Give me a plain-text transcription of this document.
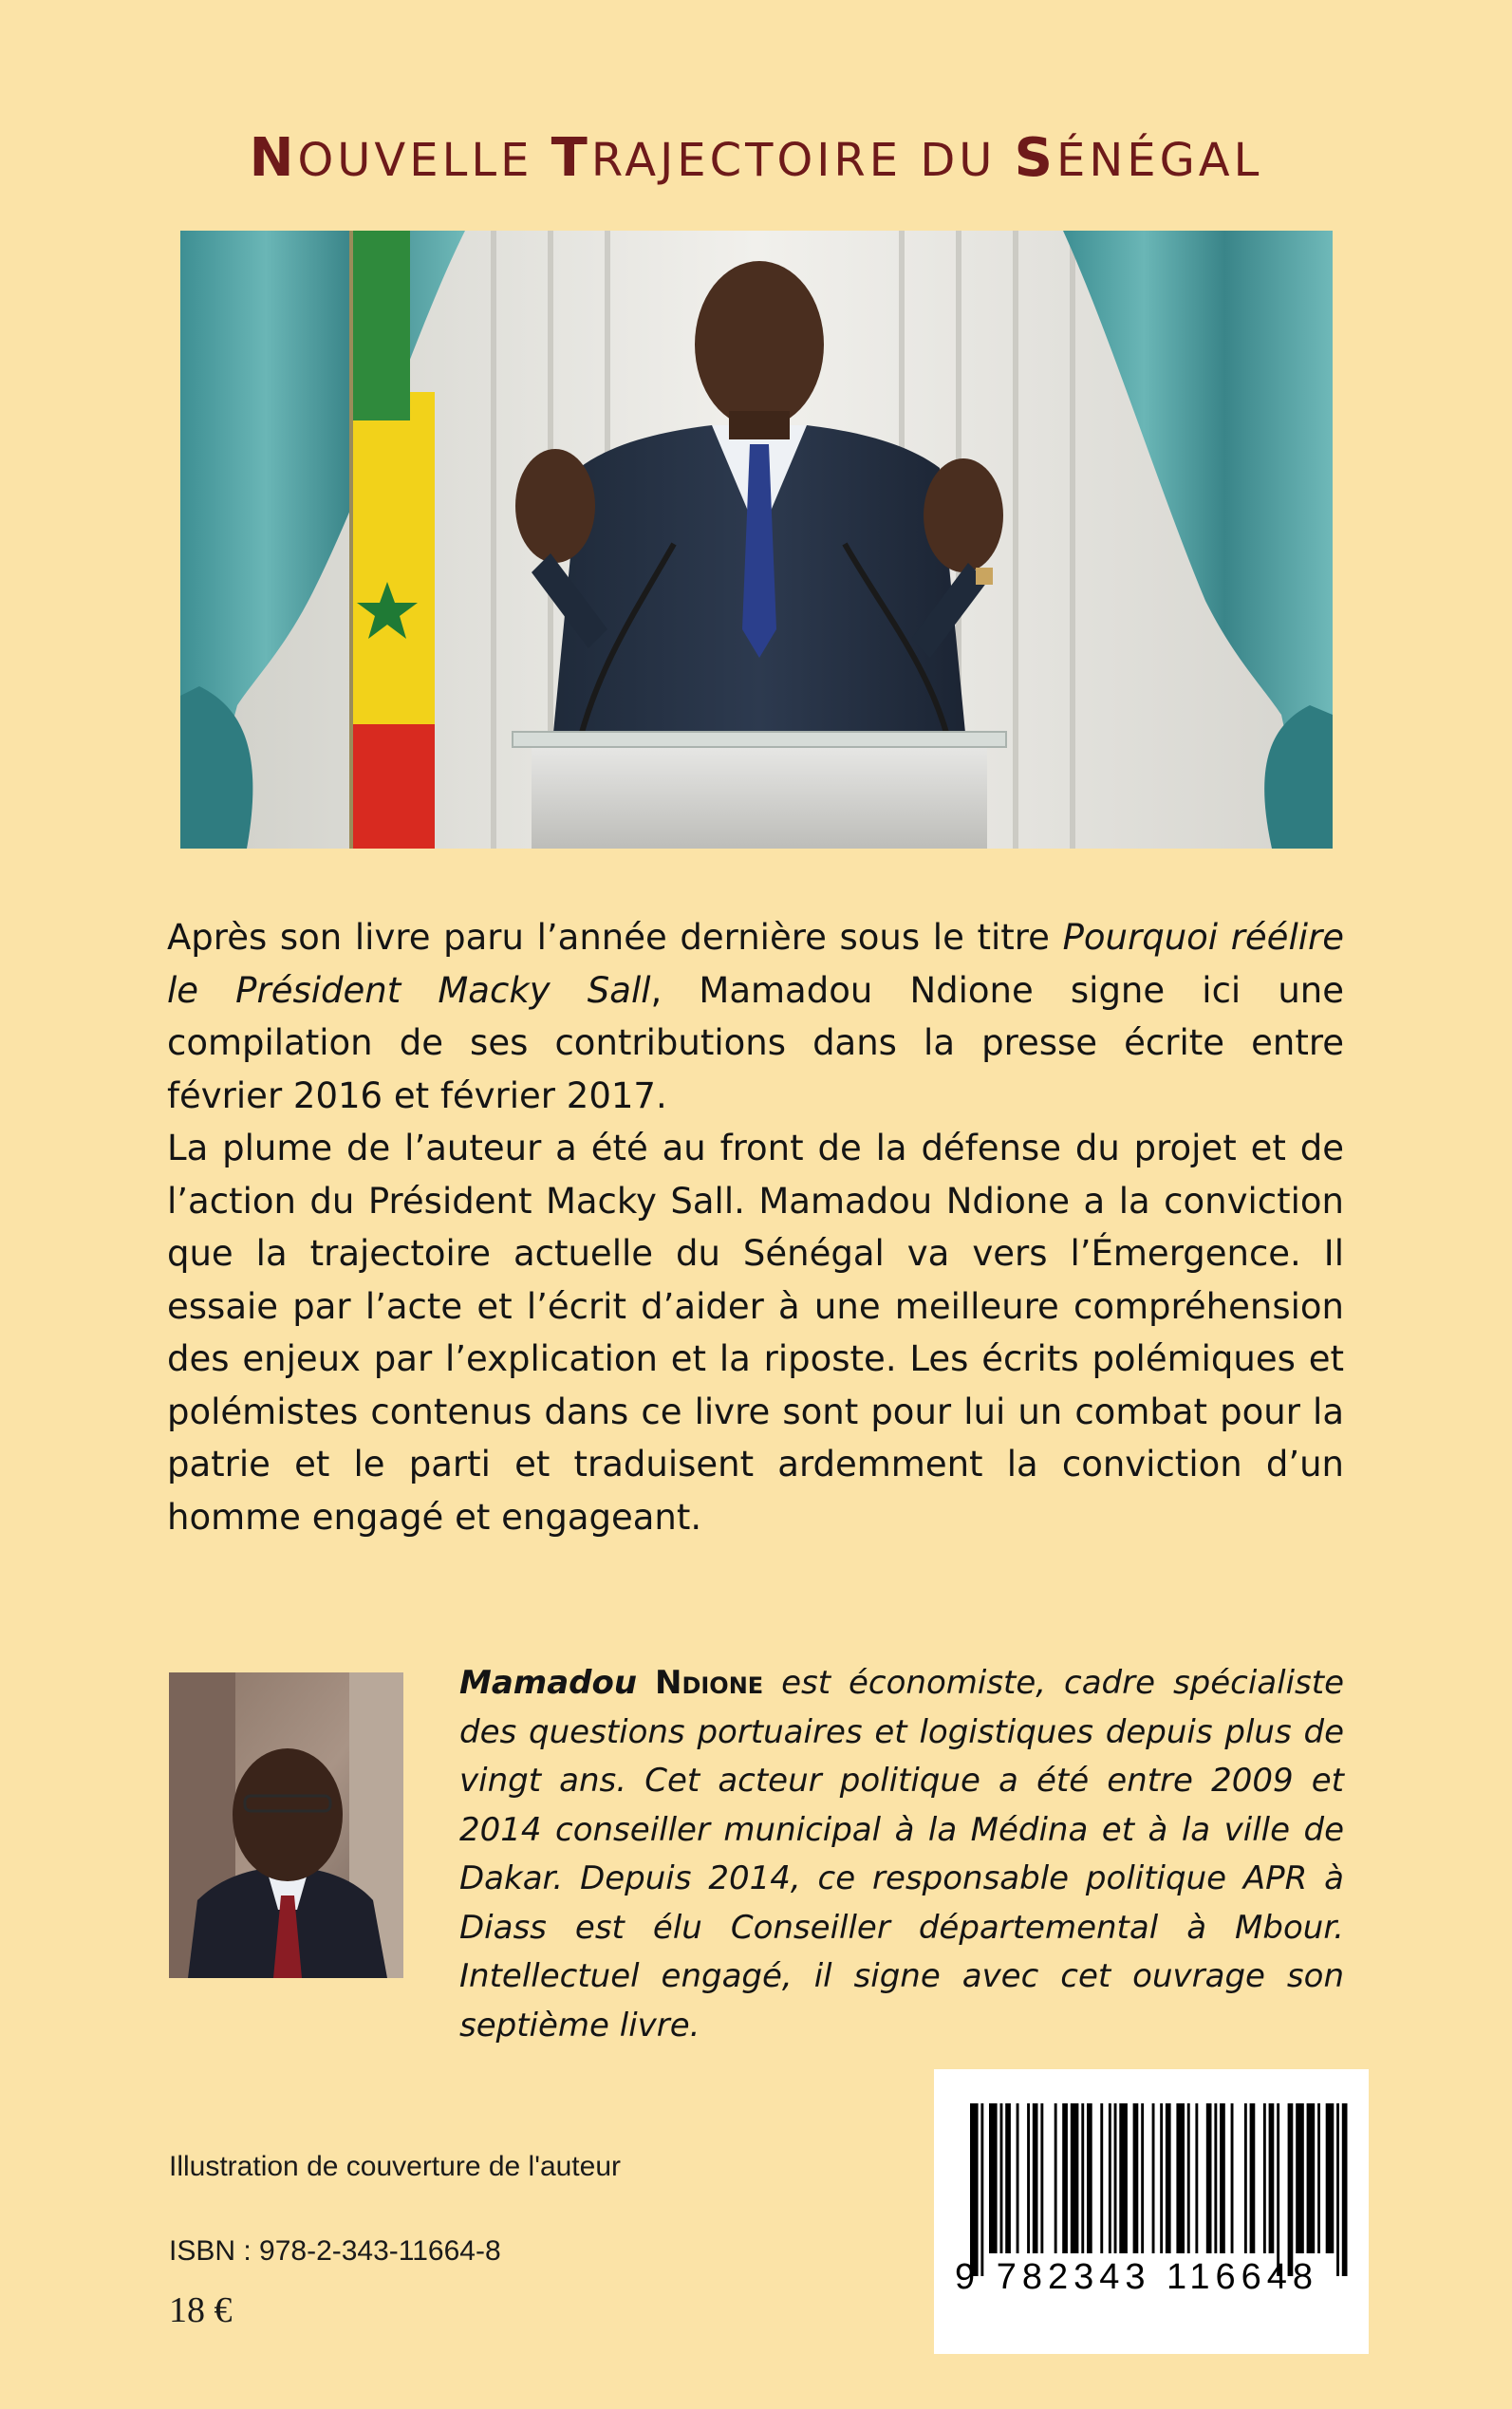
NOUVELLE TRAJECTOIRE DU SÉNÉGAL

Après son livre paru l’année dernière sous le titre Pourquoi réélire le Président Macky Sall, Mamadou Ndione signe ici une compilation de ses contributions dans la presse écrite entre février 2016 et février 2017.

La plume de l’auteur a été au front de la défense du projet et de l’action du Président Macky Sall. Mamadou Ndione a la conviction que la trajectoire actuelle du Sénégal va vers l’Émergence. Il essaie par l’acte et l’écrit d’aider à une meilleure compréhension des enjeux par l’explication et la riposte. Les écrits polémiques et polémistes contenus dans ce livre sont pour lui un combat pour la patrie et le parti et traduisent ardemment la conviction d’un homme engagé et engageant.

Mamadou Ndione est économiste, cadre spécialiste des questions portuaires et logistiques depuis plus de vingt ans. Cet acteur politique a été entre 2009 et 2014 conseiller municipal à la Médina et à la ville de Dakar. Depuis 2014, ce responsable politique APR à Diass est élu Conseiller départemental à Mbour. Intellectuel engagé, il signe avec cet ouvrage son septième livre.
Illustration de couverture de l'auteur
ISBN : 978-2-343-11664-8
18 €
9 782343 116648
